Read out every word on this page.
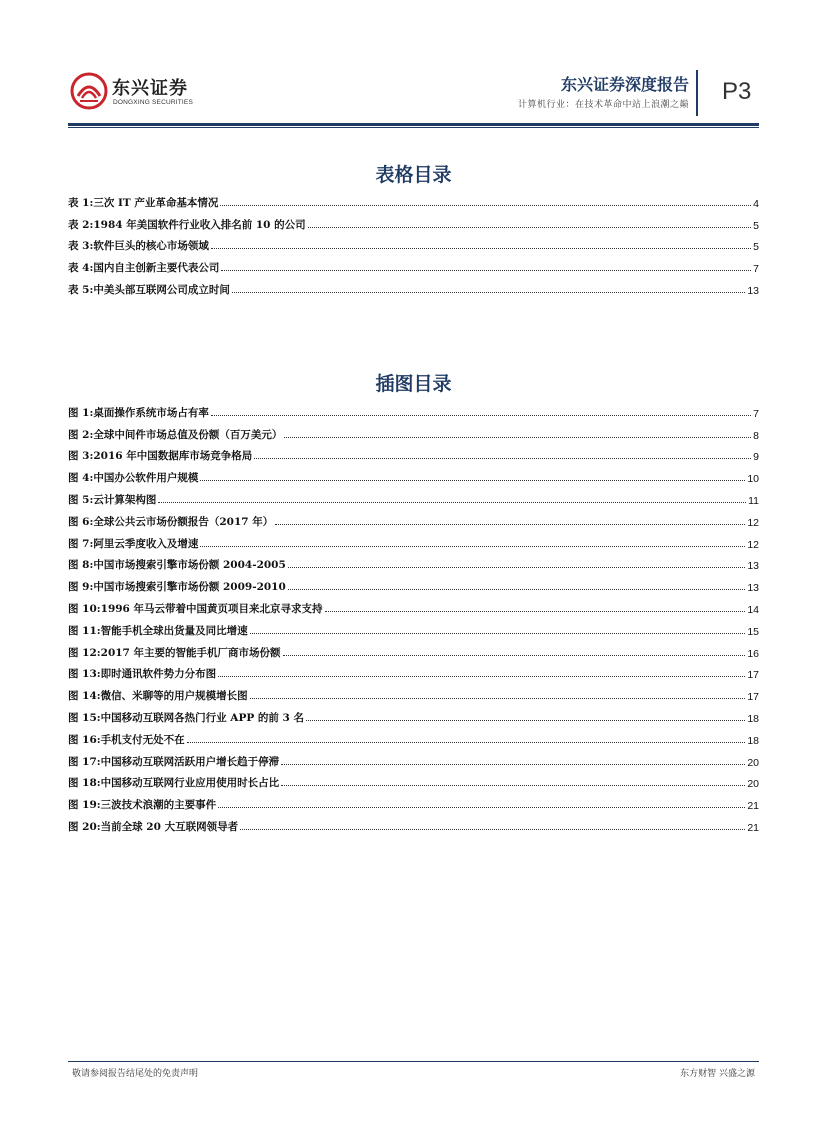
东兴证券
DONGXING SECURITIES
东兴证券深度报告
计算机行业：在技术革命中站上浪潮之巅 P3
表格目录
表 1:三次 IT 产业革命基本情况	4
表 2:1984 年美国软件行业收入排名前 10 的公司	5
表 3:软件巨头的核心市场领域	5
表 4:国内自主创新主要代表公司	7
表 5:中美头部互联网公司成立时间	13
插图目录
图 1:桌面操作系统市场占有率	7
图 2:全球中间件市场总值及份额（百万美元）	8
图 3:2016 年中国数据库市场竞争格局	9
图 4:中国办公软件用户规模	10
图 5:云计算架构图	11
图 6:全球公共云市场份额报告（2017 年）	12
图 7:阿里云季度收入及增速	12
图 8:中国市场搜索引擎市场份额 2004-2005	13
图 9:中国市场搜索引擎市场份额 2009-2010	13
图 10:1996 年马云带着中国黄页项目来北京寻求支持	14
图 11:智能手机全球出货量及同比增速	15
图 12:2017 年主要的智能手机厂商市场份额	16
图 13:即时通讯软件势力分布图	17
图 14:微信、米聊等的用户规模增长图	17
图 15:中国移动互联网各热门行业 APP 的前 3 名	18
图 16:手机支付无处不在	18
图 17:中国移动互联网活跃用户增长趋于停滞	20
图 18:中国移动互联网行业应用使用时长占比	20
图 19:三波技术浪潮的主要事件	21
图 20:当前全球 20 大互联网领导者	21
敬请参阅报告结尾处的免责声明	东方财智 兴盛之源
